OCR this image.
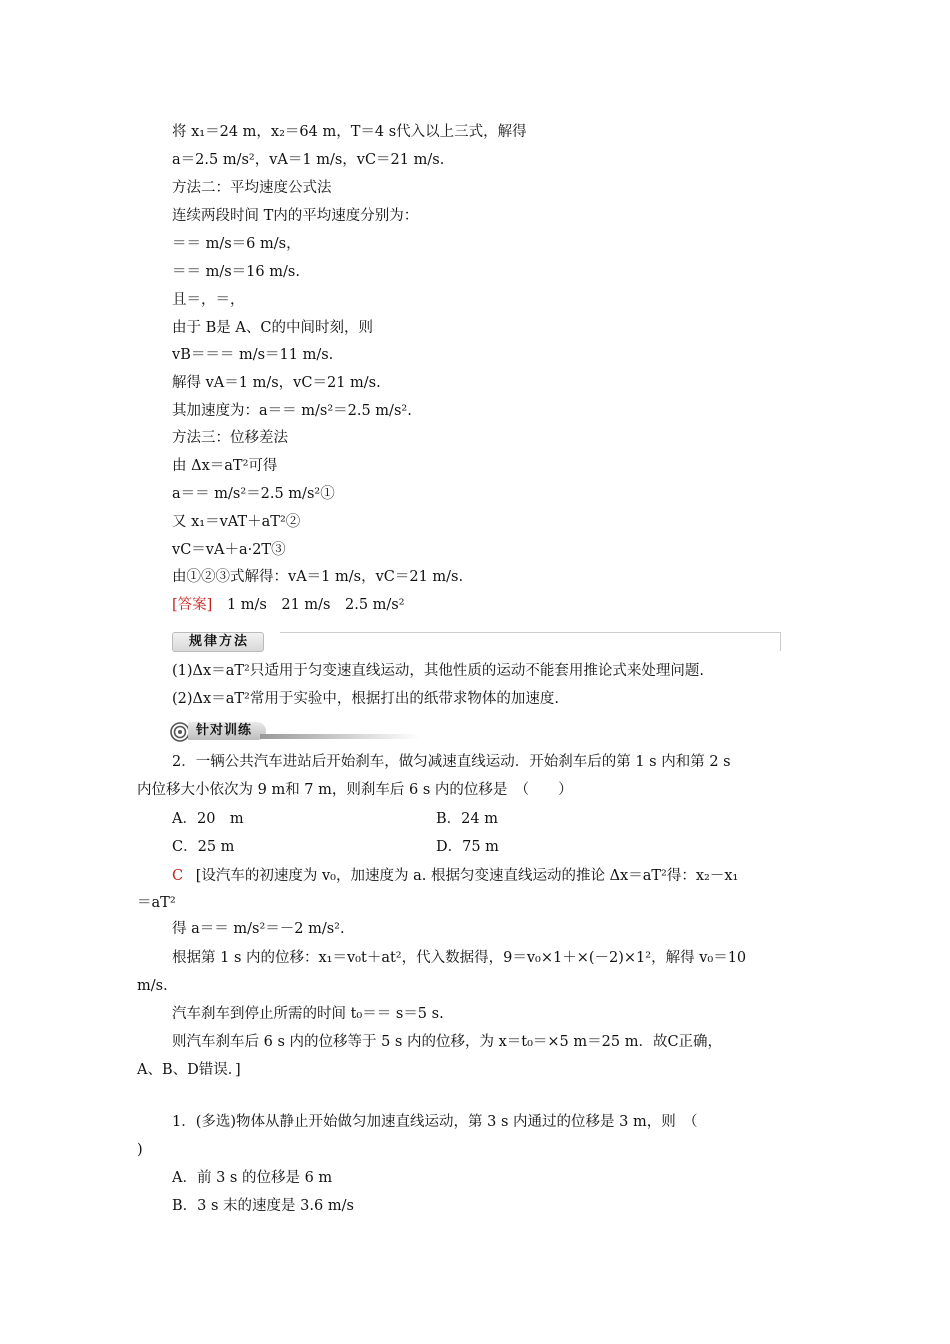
将 x₁＝24 m，x₂＝64 m，T＝4 s代入以上三式，解得
a＝2.5 m/s²，vA＝1 m/s，vC＝21 m/s.
方法二：平均速度公式法
连续两段时间 T内的平均速度分别为：
＝＝ m/s＝6 m/s，
＝＝ m/s＝16 m/s.
且＝，＝，
由于 B是 A、C的中间时刻，则
vB＝＝＝ m/s＝11 m/s.
解得 vA＝1 m/s，vC＝21 m/s.
其加速度为：a＝＝ m/s²＝2.5 m/s².
方法三：位移差法
由 Δx＝aT²可得
a＝＝ m/s²＝2.5 m/s²①
又 x₁＝vAT＋aT²②
vC＝vA＋a·2T③
由①②③式解得：vA＝1 m/s，vC＝21 m/s.
[答案] 1 m/s　21 m/s　2.5 m/s²
规律方法
(1)Δx＝aT²只适用于匀变速直线运动，其他性质的运动不能套用推论式来处理问题.
(2)Δx＝aT²常用于实验中，根据打出的纸带求物体的加速度.
针对训练
2．一辆公共汽车进站后开始刹车，做匀减速直线运动．开始刹车后的第 1 s 内和第 2 s
内位移大小依次为 9 m和 7 m，则刹车后 6 s 内的位移是　（　　）
A．20　m	B．24 m
C．25 m	D．75 m
C [设汽车的初速度为 v₀，加速度为 a. 根据匀变速直线运动的推论 Δx＝aT²得：x₂－x₁
＝aT²
得 a＝＝ m/s²＝－2 m/s².
根据第 1 s 内的位移：x₁＝v₀t＋at²，代入数据得，9＝v₀×1＋×(－2)×1²，解得 v₀＝10
m/s.
汽车刹车到停止所需的时间 t₀＝＝ s＝5 s.
则汽车刹车后 6 s 内的位移等于 5 s 内的位移，为 x＝t₀＝×5 m＝25 m．故C正确，
A、B、D错误．]
1．(多选)物体从静止开始做匀加速直线运动，第 3 s 内通过的位移是 3 m，则　（
)
A．前 3 s 的位移是 6 m
B．3 s 末的速度是 3.6 m/s
